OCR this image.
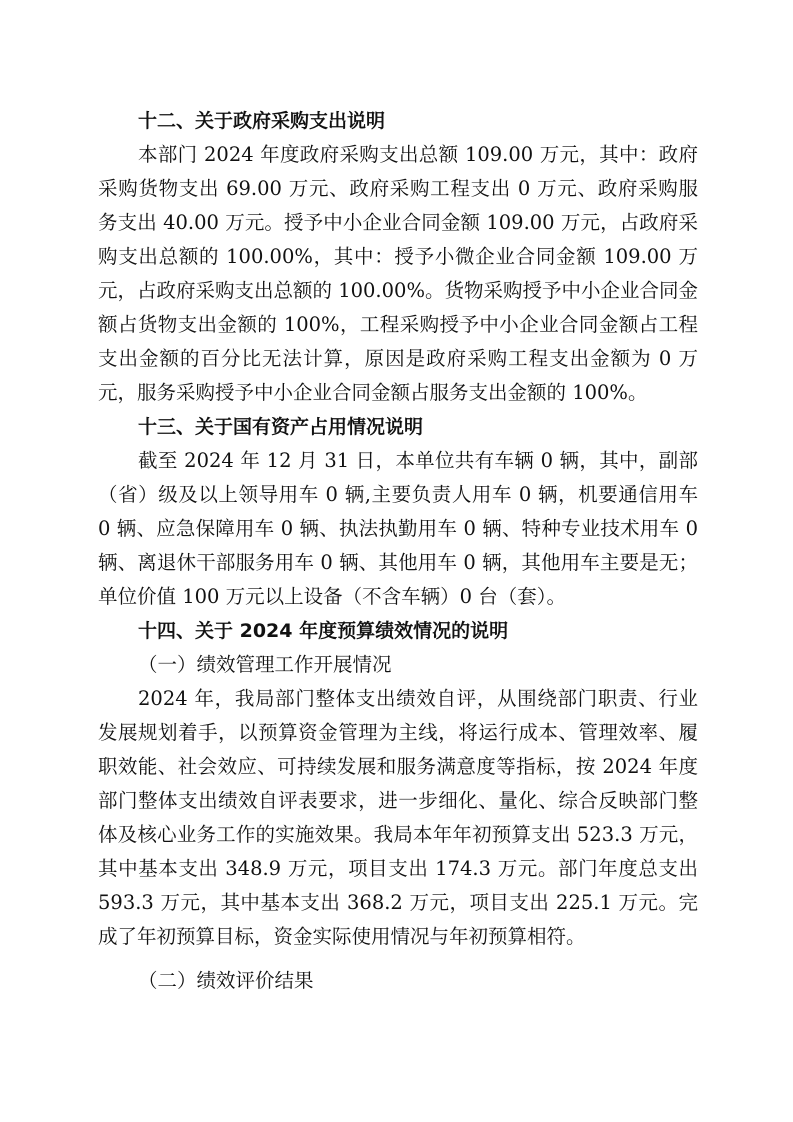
十二、关于政府采购支出说明

本部门 2024 年度政府采购支出总额 109.00 万元，其中：政府采购货物支出 69.00 万元、政府采购工程支出 0 万元、政府采购服务支出 40.00 万元。授予中小企业合同金额 109.00 万元，占政府采购支出总额的 100.00%，其中：授予小微企业合同金额 109.00 万元，占政府采购支出总额的 100.00%。货物采购授予中小企业合同金额占货物支出金额的 100%，工程采购授予中小企业合同金额占工程支出金额的百分比无法计算，原因是政府采购工程支出金额为 0 万元，服务采购授予中小企业合同金额占服务支出金额的 100%。

十三、关于国有资产占用情况说明

截至 2024 年 12 月 31 日，本单位共有车辆 0 辆，其中，副部（省）级及以上领导用车 0 辆,主要负责人用车 0 辆，机要通信用车 0 辆、应急保障用车 0 辆、执法执勤用车 0 辆、特种专业技术用车 0 辆、离退休干部服务用车 0 辆、其他用车 0 辆，其他用车主要是无；单位价值 100 万元以上设备（不含车辆）0 台（套）。

十四、关于 2024 年度预算绩效情况的说明

（一）绩效管理工作开展情况

2024 年，我局部门整体支出绩效自评，从围绕部门职责、行业发展规划着手，以预算资金管理为主线，将运行成本、管理效率、履职效能、社会效应、可持续发展和服务满意度等指标，按 2024 年度部门整体支出绩效自评表要求，进一步细化、量化、综合反映部门整体及核心业务工作的实施效果。我局本年年初预算支出 523.3 万元，其中基本支出 348.9 万元，项目支出 174.3 万元。部门年度总支出 593.3 万元，其中基本支出 368.2 万元，项目支出 225.1 万元。完成了年初预算目标，资金实际使用情况与年初预算相符。

（二）绩效评价结果
